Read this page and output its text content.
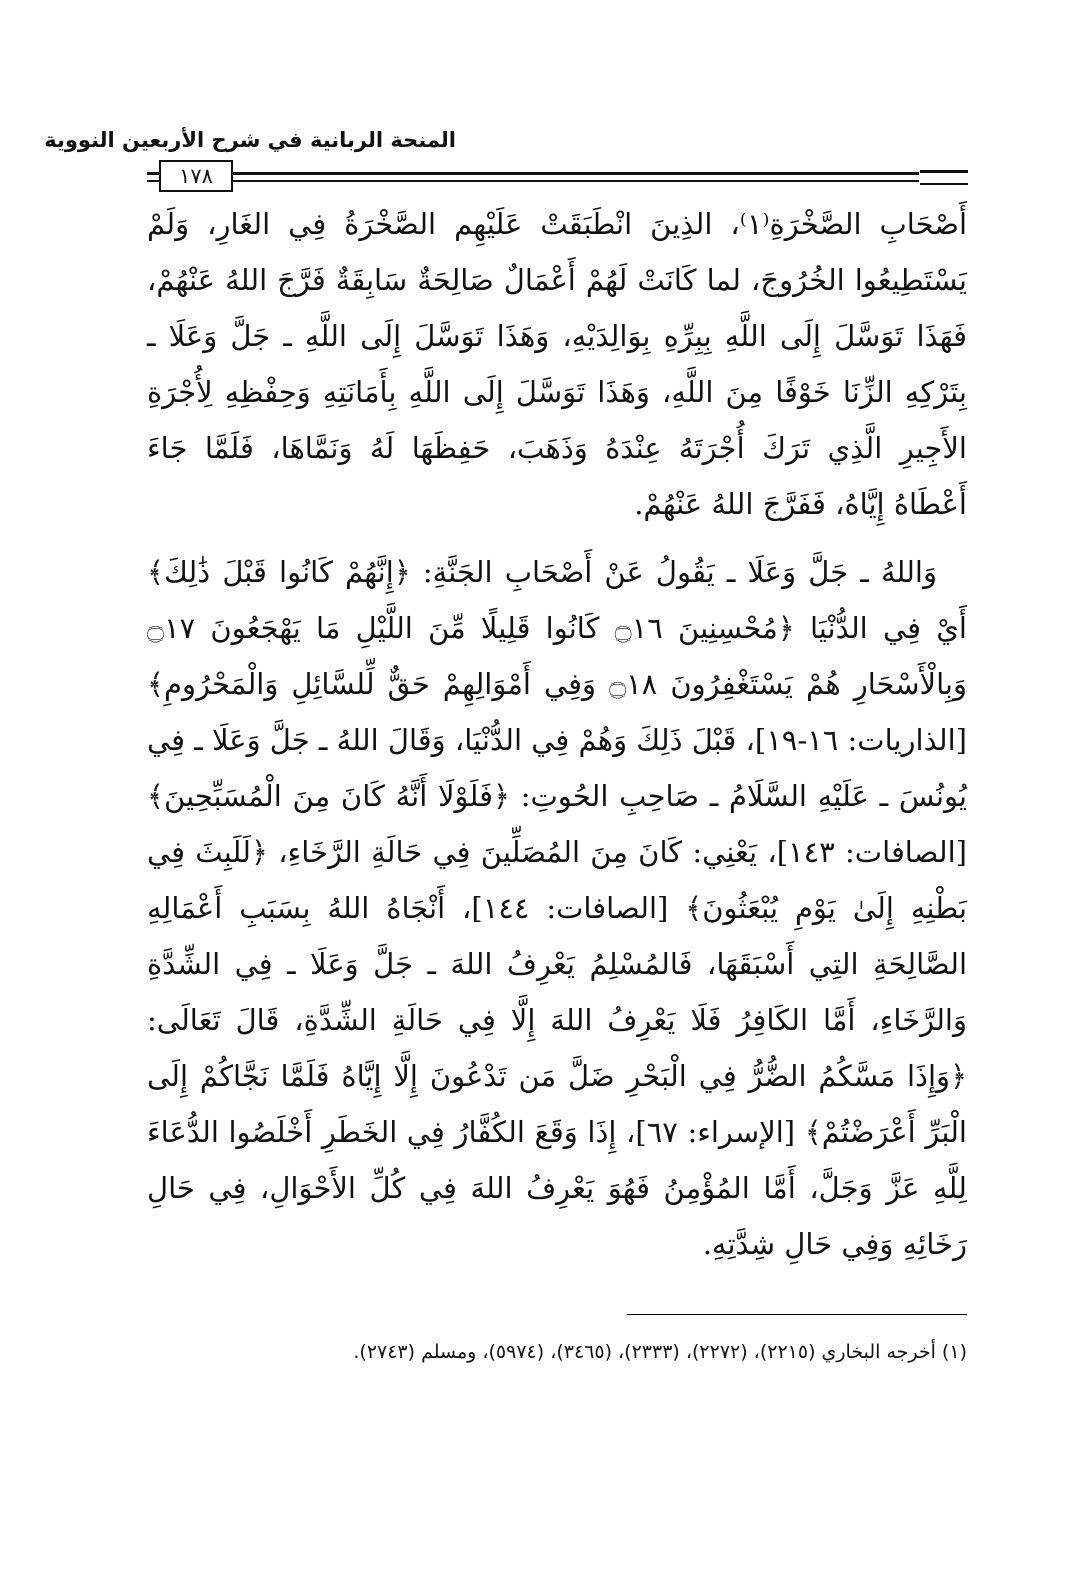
المنحة الربانية في شرح الأربعين النووية
١٧٨

أَصْحَابِ الصَّخْرَةِ⁽١⁾، الذِينَ انْطَبَقَتْ عَلَيْهِم الصَّخْرَةُ فِي الغَارِ، وَلَمْ يَسْتَطِيعُوا الخُرُوجَ، لما كَانَتْ لَهُمْ أَعْمَالٌ صَالِحَةٌ سَابِقَةٌ فَرَّجَ اللهُ عَنْهُمْ، فَهَذَا تَوَسَّلَ إِلَى اللَّهِ بِبِرِّهِ بِوَالِدَيْهِ، وَهَذَا تَوَسَّلَ إِلَى اللَّهِ ـ جَلَّ وَعَلَا ـ بِتَرْكِهِ الزِّنَا خَوْفًا مِنَ اللَّهِ، وَهَذَا تَوَسَّلَ إِلَى اللَّهِ بِأَمَانَتِهِ وَحِفْظِهِ لِأُجْرَةِ الأَجِيرِ الَّذِي تَرَكَ أُجْرَتَهُ عِنْدَهُ وَذَهَبَ، حَفِظَهَا لَهُ وَنَمَّاهَا، فَلَمَّا جَاءَ أَعْطَاهُ إِيَّاهُ، فَفَرَّجَ اللهُ عَنْهُمْ.

وَاللهُ ـ جَلَّ وَعَلَا ـ يَقُولُ عَنْ أَصْحَابِ الجَنَّةِ: ﴿إِنَّهُمْ كَانُوا قَبْلَ ذَٰلِكَ﴾ أَيْ فِي الدُّنْيَا ﴿مُحْسِنِينَ ۝١٦ كَانُوا قَلِيلًا مِّنَ اللَّيْلِ مَا يَهْجَعُونَ ۝١٧ وَبِالْأَسْحَارِ هُمْ يَسْتَغْفِرُونَ ۝١٨ وَفِي أَمْوَالِهِمْ حَقٌّ لِّلسَّائِلِ وَالْمَحْرُومِ﴾ [الذاريات: ١٦-١٩]، قَبْلَ ذَلِكَ وَهُمْ فِي الدُّنْيَا، وَقَالَ اللهُ ـ جَلَّ وَعَلَا ـ فِي يُونُسَ ـ عَلَيْهِ السَّلَامُ ـ صَاحِبِ الحُوتِ: ﴿فَلَوْلَا أَنَّهُ كَانَ مِنَ الْمُسَبِّحِينَ﴾ [الصافات: ١٤٣]، يَعْنِي: كَانَ مِنَ المُصَلِّينَ فِي حَالَةِ الرَّخَاءِ، ﴿لَلَبِثَ فِي بَطْنِهِ إِلَىٰ يَوْمِ يُبْعَثُونَ﴾ [الصافات: ١٤٤]، أَنْجَاهُ اللهُ بِسَبَبِ أَعْمَالِهِ الصَّالِحَةِ التِي أَسْبَقَهَا، فَالمُسْلِمُ يَعْرِفُ اللهَ ـ جَلَّ وَعَلَا ـ فِي الشِّدَّةِ وَالرَّخَاءِ، أَمَّا الكَافِرُ فَلَا يَعْرِفُ اللهَ إِلَّا فِي حَالَةِ الشِّدَّةِ، قَالَ تَعَالَى: ﴿وَإِذَا مَسَّكُمُ الضُّرُّ فِي الْبَحْرِ ضَلَّ مَن تَدْعُونَ إِلَّا إِيَّاهُ فَلَمَّا نَجَّاكُمْ إِلَى الْبَرِّ أَعْرَضْتُمْ﴾ [الإسراء: ٦٧]، إِذَا وَقَعَ الكُفَّارُ فِي الخَطَرِ أَخْلَصُوا الدُّعَاءَ لِلَّهِ عَزَّ وَجَلَّ، أَمَّا المُؤْمِنُ فَهُوَ يَعْرِفُ اللهَ فِي كُلِّ الأَحْوَالِ، فِي حَالِ رَخَائِهِ وَفِي حَالِ شِدَّتِهِ.

(١) أخرجه البخاري (٢٢١٥)، (٢٢٧٢)، (٢٣٣٣)، (٣٤٦٥)، (٥٩٧٤)، ومسلم (٢٧٤٣).
